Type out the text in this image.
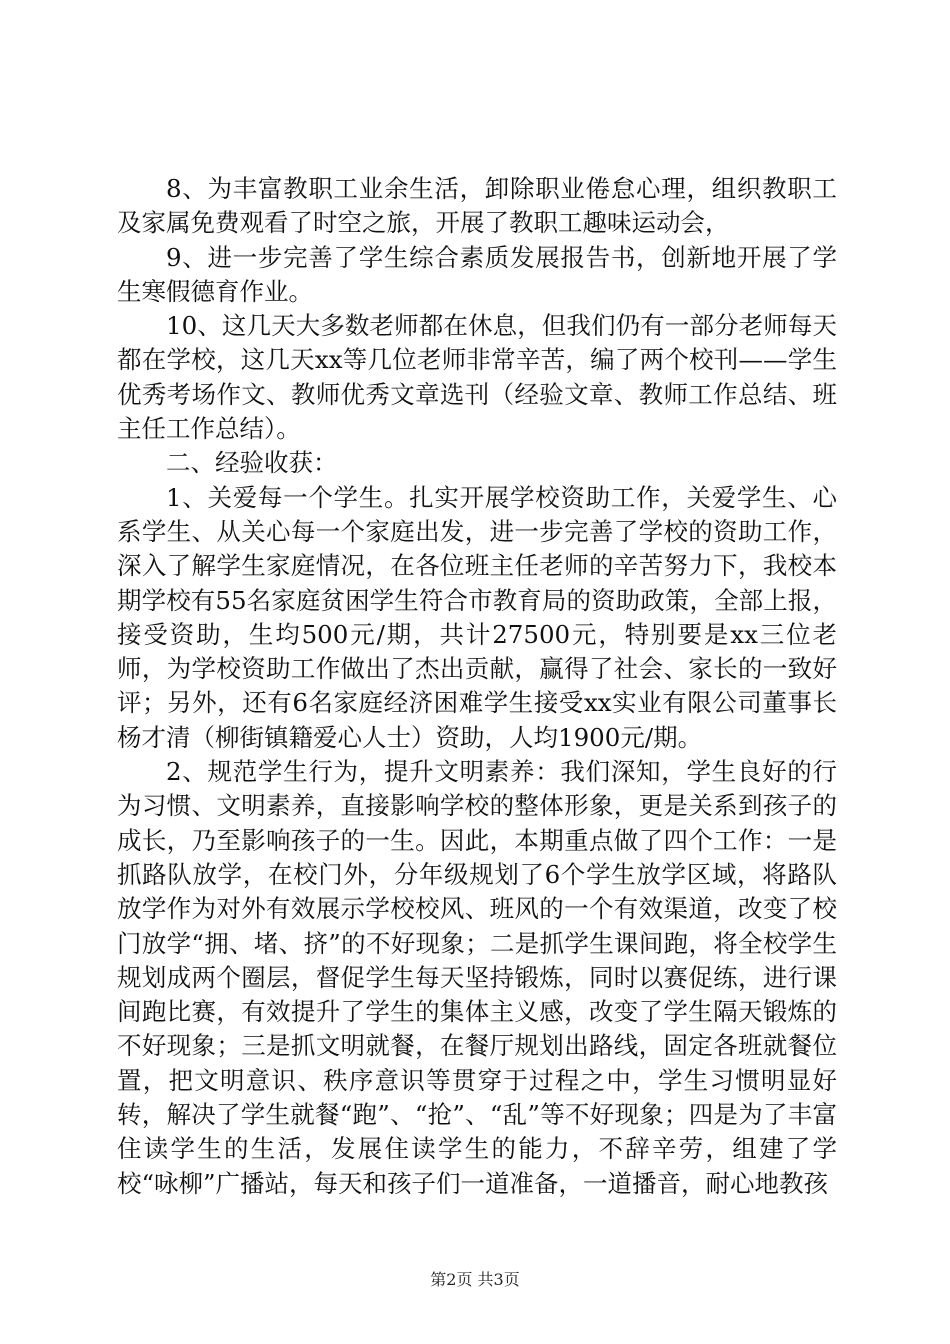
8、为丰富教职工业余生活，卸除职业倦怠心理，组织教职工及家属免费观看了时空之旅，开展了教职工趣味运动会，

9、进一步完善了学生综合素质发展报告书，创新地开展了学生寒假德育作业。

10、这几天大多数老师都在休息，但我们仍有一部分老师每天都在学校，这几天xx等几位老师非常辛苦，编了两个校刊——学生优秀考场作文、教师优秀文章选刊（经验文章、教师工作总结、班主任工作总结）。

二、经验收获：

1、关爱每一个学生。扎实开展学校资助工作，关爱学生、心系学生、从关心每一个家庭出发，进一步完善了学校的资助工作，深入了解学生家庭情况，在各位班主任老师的辛苦努力下，我校本期学校有55名家庭贫困学生符合市教育局的资助政策，全部上报，接受资助，生均500元/期，共计27500元，特别要是xx三位老师，为学校资助工作做出了杰出贡献，赢得了社会、家长的一致好评；另外，还有6名家庭经济困难学生接受xx实业有限公司董事长杨才清（柳街镇籍爱心人士）资助，人均1900元/期。

2、规范学生行为，提升文明素养：我们深知，学生良好的行为习惯、文明素养，直接影响学校的整体形象，更是关系到孩子的成长，乃至影响孩子的一生。因此，本期重点做了四个工作：一是抓路队放学，在校门外，分年级规划了6个学生放学区域，将路队放学作为对外有效展示学校校风、班风的一个有效渠道，改变了校门放学“拥、堵、挤”的不好现象；二是抓学生课间跑，将全校学生规划成两个圈层，督促学生每天坚持锻炼，同时以赛促练，进行课间跑比赛，有效提升了学生的集体主义感，改变了学生隔天锻炼的不好现象；三是抓文明就餐，在餐厅规划出路线，固定各班就餐位置，把文明意识、秩序意识等贯穿于过程之中，学生习惯明显好转，解决了学生就餐“跑”、“抢”、“乱”等不好现象；四是为了丰富住读学生的生活，发展住读学生的能力，不辞辛劳，组建了学校“咏柳”广播站，每天和孩子们一道准备，一道播音，耐心地教孩

第2页 共3页
